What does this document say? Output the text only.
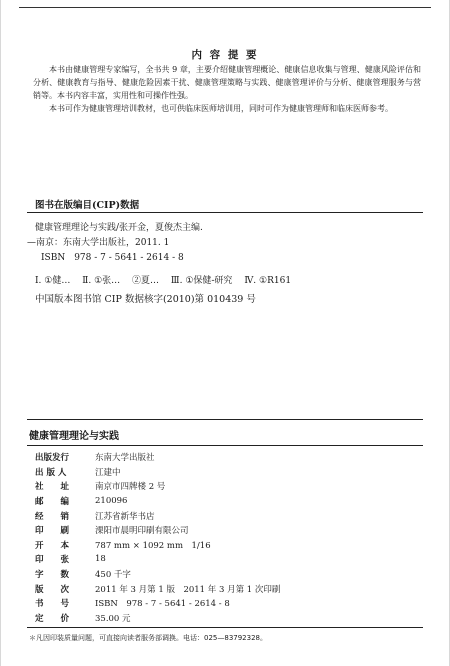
内 容 提 要

本书由健康管理专家编写，全书共 9 章，主要介绍健康管理概论、健康信息收集与管理、健康风险评估和分析、健康教育与指导、健康危险因素干扰、健康管理策略与实践、健康管理评价与分析、健康管理服务与营销等。本书内容丰富，实用性和可操作性强。

本书可作为健康管理培训教材，也可供临床医师培训用，同时可作为健康管理师和临床医师参考。

图书在版编目(CIP)数据
健康管理理论与实践/张开金，夏俊杰主编.
—南京：东南大学出版社，2011. 1
ISBN　978 - 7 - 5641 - 2614 - 8
Ⅰ. ①健… Ⅱ. ①张… ②夏… Ⅲ. ①保健-研究 Ⅳ. ①R161
中国版本图书馆 CIP 数据核字(2010)第 010439 号
健康管理理论与实践
出版发行	东南大学出版社
出 版 人	江建中
社　　址	南京市四牌楼 2 号
邮　　编	210096
经　　销	江苏省新华书店
印　　刷	溧阳市晨明印刷有限公司
开　　本	787 mm × 1092 mm　1/16
印　　张	18
字　　数	450 千字
版　　次	2011 年 3 月第 1 版　2011 年 3 月第 1 次印刷
书　　号	ISBN　978 - 7 - 5641 - 2614 - 8
定　　价	35.00 元
＊凡因印装质量问题，可直接向读者服务部调换。电话：025—83792328。
